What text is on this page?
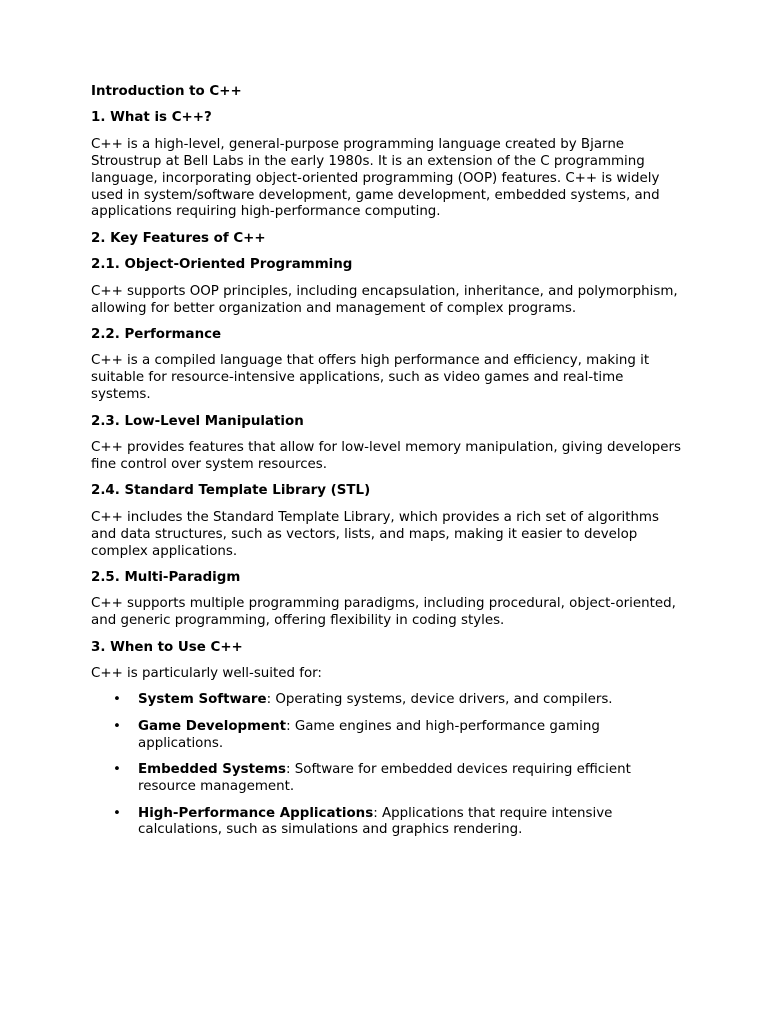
Introduction to C++
1. What is C++?
C++ is a high-level, general-purpose programming language created by Bjarne Stroustrup at Bell Labs in the early 1980s. It is an extension of the C programming language, incorporating object-oriented programming (OOP) features. C++ is widely used in system/software development, game development, embedded systems, and applications requiring high-performance computing.
2. Key Features of C++
2.1. Object-Oriented Programming
C++ supports OOP principles, including encapsulation, inheritance, and polymorphism, allowing for better organization and management of complex programs.
2.2. Performance
C++ is a compiled language that offers high performance and efficiency, making it suitable for resource-intensive applications, such as video games and real-time systems.
2.3. Low-Level Manipulation
C++ provides features that allow for low-level memory manipulation, giving developers fine control over system resources.
2.4. Standard Template Library (STL)
C++ includes the Standard Template Library, which provides a rich set of algorithms and data structures, such as vectors, lists, and maps, making it easier to develop complex applications.
2.5. Multi-Paradigm
C++ supports multiple programming paradigms, including procedural, object-oriented, and generic programming, offering flexibility in coding styles.
3. When to Use C++
C++ is particularly well-suited for:
• System Software: Operating systems, device drivers, and compilers.
• Game Development: Game engines and high-performance gaming applications.
• Embedded Systems: Software for embedded devices requiring efficient resource management.
• High-Performance Applications: Applications that require intensive calculations, such as simulations and graphics rendering.
